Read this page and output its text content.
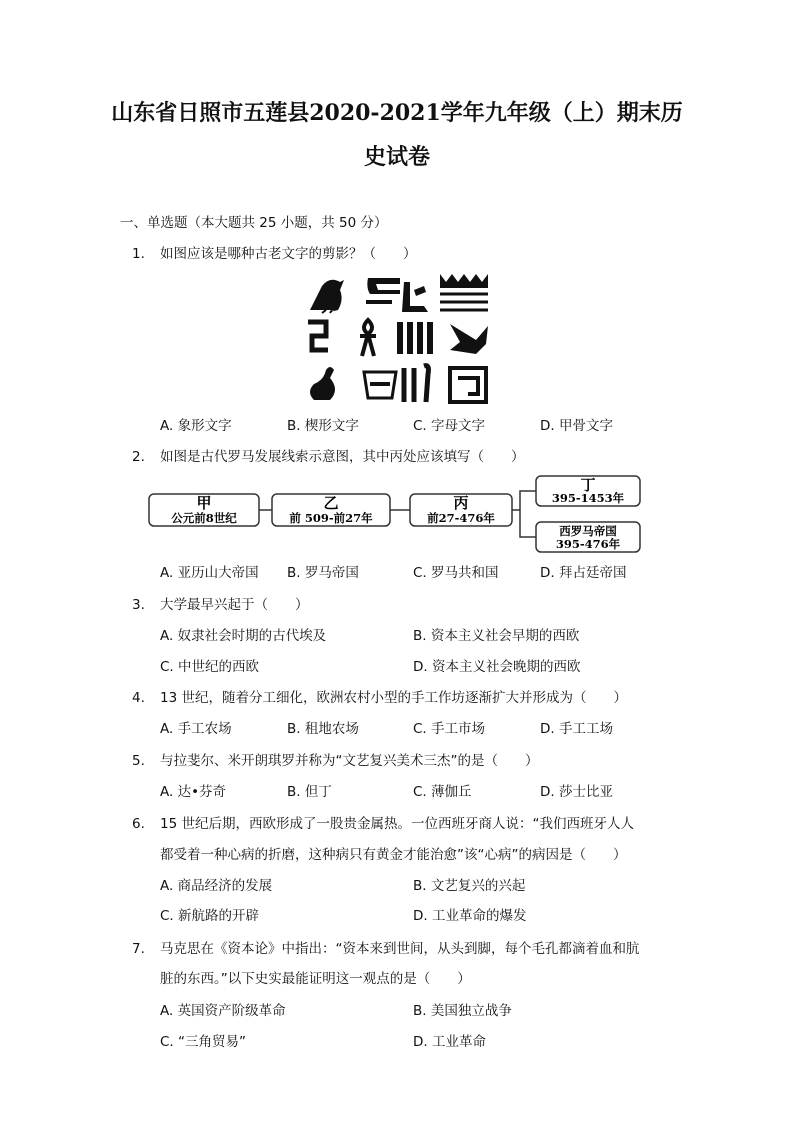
山东省日照市五莲县2020-2021学年九年级（上）期末历
史试卷
一、单选题（本大题共 25 小题，共 50 分）
1. 如图应该是哪种古老文字的剪影？（　　）
A. 象形文字	B. 楔形文字	C. 字母文字	D. 甲骨文字
2. 如图是古代罗马发展线索示意图，其中丙处应该填写（　　）
甲
公元前8世纪
乙
前 509-前27年
丙
前27-476年
丁
395-1453年
西罗马帝国
395-476年
A. 亚历山大帝国 B. 罗马帝国	C. 罗马共和国	D. 拜占廷帝国
3. 大学最早兴起于（　　）
A. 奴隶社会时期的古代埃及	B. 资本主义社会早期的西欧
C. 中世纪的西欧	D. 资本主义社会晚期的西欧
4. 13 世纪，随着分工细化，欧洲农村小型的手工作坊逐渐扩大并形成为（　　）
A. 手工农场	B. 租地农场	C. 手工市场	D. 手工工场
5. 与拉斐尔、米开朗琪罗并称为“文艺复兴美术三杰”的是（　　）
A. 达•芬奇	B. 但丁	C. 薄伽丘	D. 莎士比亚
6. 15 世纪后期，西欧形成了一股贵金属热。一位西班牙商人说：“我们西班牙人人
都受着一种心病的折磨，这种病只有黄金才能治愈”该“心病”的病因是（　　）
A. 商品经济的发展	B. 文艺复兴的兴起
C. 新航路的开辟	D. 工业革命的爆发
7. 马克思在《资本论》中指出：“资本来到世间，从头到脚，每个毛孔都滴着血和肮
脏的东西。”以下史实最能证明这一观点的是（　　）
A. 英国资产阶级革命	B. 美国独立战争
C. “三角贸易”	D. 工业革命
